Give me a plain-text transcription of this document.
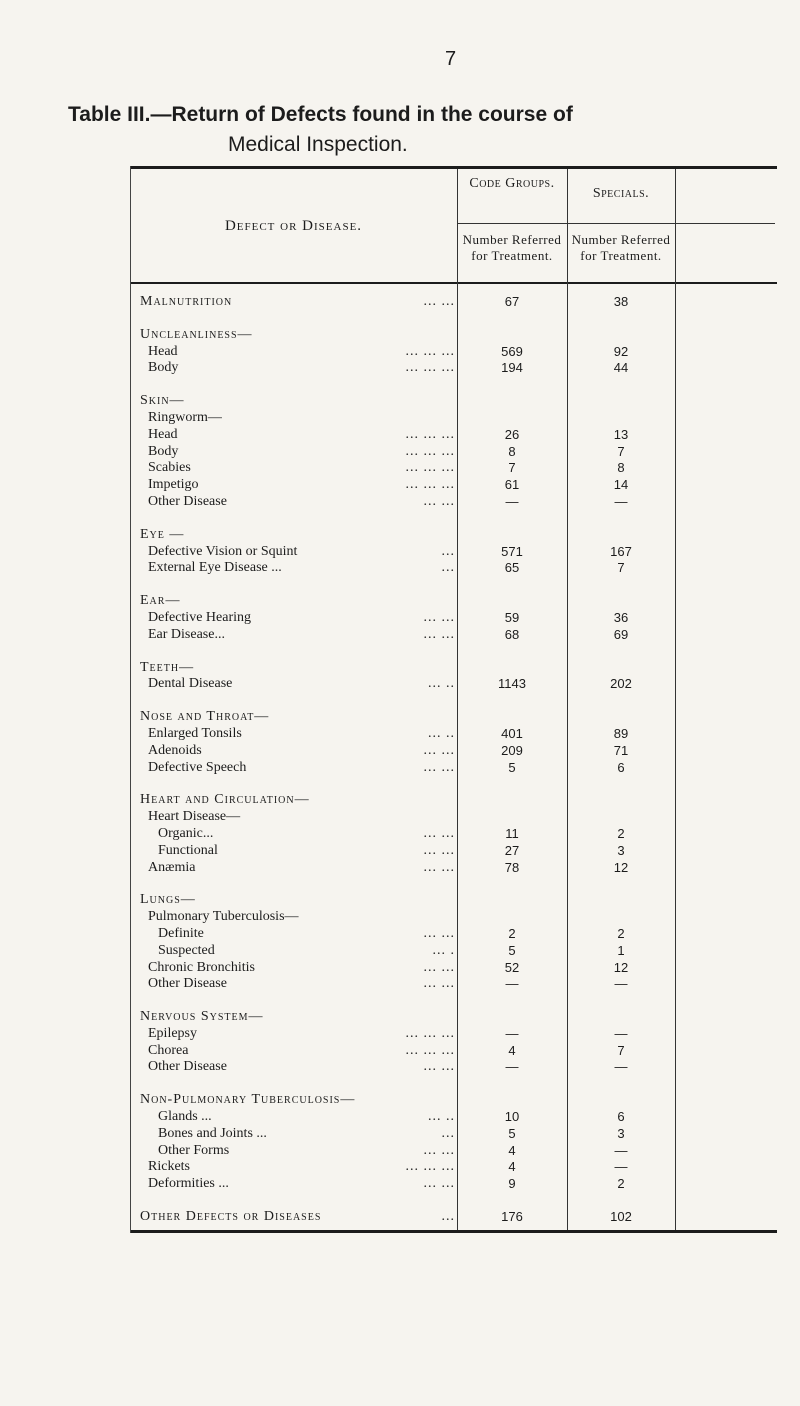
7
Table III.—Return of Defects found in the course of
Medical Inspection.
Defect or Disease.
Code Groups.
Specials.
Number Referred for Treatment.
Number Referred for Treatment.
Malnutrition	... ...	67	38
Uncleanliness—
Head	... ... ...	569	92
Body	... ... ...	194	44
Skin—
Ringworm—
Head	... ... ...	26	13
Body	... ... ...	8	7
Scabies	... ... ...	7	8
Impetigo	... ... ...	61	14
Other Disease	... ...	—	—
Eye —
Defective Vision or Squint	...	571	167
External Eye Disease ...	...	65	7
Ear—
Defective Hearing	... ...	59	36
Ear Disease...	... ...	68	69
Teeth—
Dental Disease	... ..	1143	202
Nose and Throat—
Enlarged Tonsils	... ..	401	89
Adenoids	... ...	209	71
Defective Speech	... ...	5	6
Heart and Circulation—
Heart Disease—
Organic...	... ...	11	2
Functional	... ...	27	3
Anæmia	... ...	78	12
Lungs—
Pulmonary Tuberculosis—
Definite	... ...	2	2
Suspected	... .	5	1
Chronic Bronchitis	... ...	52	12
Other Disease	... ...	—	—
Nervous System—
Epilepsy	... ... ...	—	—
Chorea	... ... ...	4	7
Other Disease	... ...	—	—
Non-Pulmonary Tuberculosis—
Glands ...	... ..	10	6
Bones and Joints ...	...	5	3
Other Forms	... ...	4	—
Rickets	... ... ...	4	—
Deformities ...	... ...	9	2
Other Defects or Diseases	...	176	102
